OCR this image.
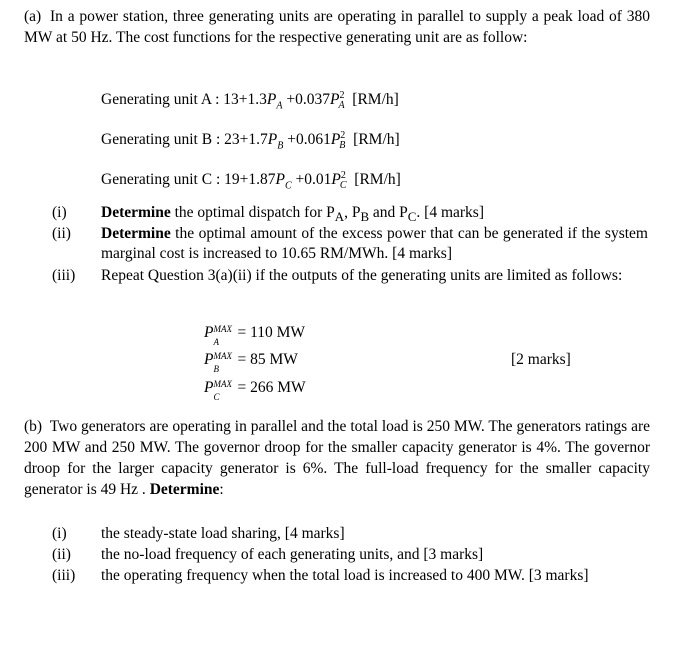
(a) In a power station, three generating units are operating in parallel to supply a peak load of 380 MW at 50 Hz. The cost functions for the respective generating unit are as follow:
Generating unit A : $13+1.3P_A +0.037P^2_A$ [RM/h]
Generating unit B : $23+1.7P_B +0.061P^2_B$ [RM/h]
Generating unit C : $19+1.87P_C +0.01P^2_C$ [RM/h]
(i) Determine the optimal dispatch for $P_A$, $P_B$ and $P_C$. [4 marks]
(ii) Determine the optimal amount of the excess power that can be generated if the system marginal cost is increased to 10.65 RM/MWh. [4 marks]
(iii) Repeat Question 3(a)(ii) if the outputs of the generating units are limited as follows:
P MAX
A
= 110 MW
P MAX
B
= 85 MW
P MAX
C
= 266 MW
[2 marks]
(b) Two generators are operating in parallel and the total load is 250 MW. The generators ratings are 200 MW and 250 MW. The governor droop for the smaller capacity generator is 4%. The governor droop for the larger capacity generator is 6%. The full-load frequency for the smaller capacity generator is 49 Hz . Determine:
(i) the steady-state load sharing, [4 marks]
(ii) the no-load frequency of each generating units, and [3 marks]
(iii) the operating frequency when the total load is increased to 400 MW. [3 marks]
